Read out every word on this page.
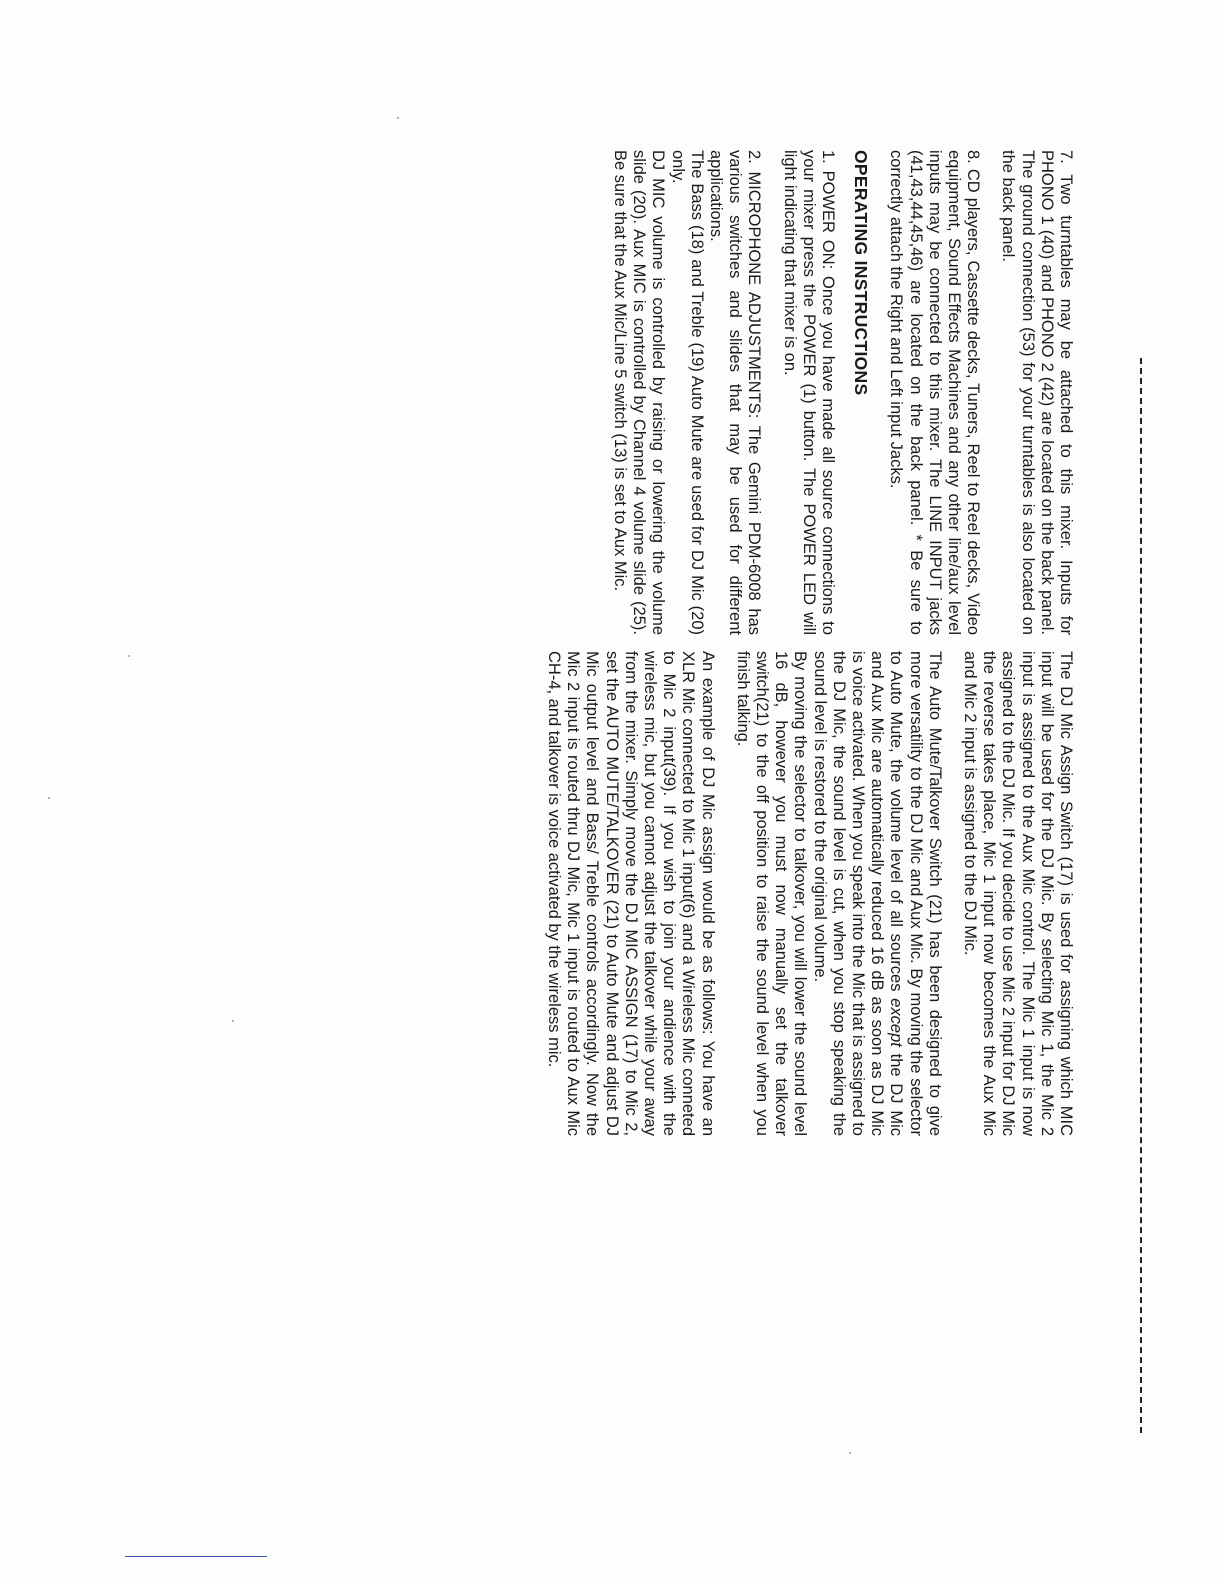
7. Two turntables may be attached to this mixer. Inputs for PHONO 1 (40) and PHONO 2 (42) are located on the back panel. The ground connection (53) for your turntables is also located on the back panel.

8. CD players, Cassette decks, Tuners, Reel to Reel decks, Video equipment, Sound Effects Machines and any other line/aux level inputs may be connected to this mixer. The LINE INPUT jacks (41,43,44,45,46) are located on the back panel. * Be sure to correctly attach the Right and Left input Jacks.

OPERATING INSTRUCTIONS

1. POWER ON: Once you have made all source connections to your mixer press the POWER (1) button. The POWER LED will light indicating that mixer is on.

2. MICROPHONE ADJUSTMENTS: The Gemini PDM-6008 has various switches and slides that may be used for different applications.

The Bass (18) and Treble (19) Auto Mute are used for DJ Mic (20) only.

DJ MIC volume is controlled by raising or lowering the volume slide (20). Aux MIC is controlled by Channel 4 volume slide (25). Be sure that the Aux Mic/Line 5 switch (13) is set to Aux Mic.

The DJ Mic Assign Switch (17) is used for assigning which MIC input will be used for the DJ Mic. By selecting Mic 1, the Mic 2 input is assigned to the Aux Mic control. The Mic 1 input is now assigned to the DJ Mic. If you decide to use Mic 2 input for DJ Mic the reverse takes place, Mic 1 input now becomes the Aux Mic and Mic 2 input is assigned to the DJ Mic.

The Auto Mute/Talkover Switch (21) has been designed to give more versatility to the DJ Mic and Aux Mic. By moving the selector to Auto Mute, the volume level of all sources except the DJ Mic and Aux Mic are automatically reduced 16 dB as soon as DJ Mic is voice activated. When you speak into the Mic that is assigned to the DJ Mic, the sound level is cut, when you stop speaking the sound level is restored to the original volume.

By moving the selector to talkover, you will lower the sound level 16 dB, however you must now manually set the talkover switch(21) to the off position to raise the sound level when you finish talking.

An example of DJ Mic assign would be as follows: You have an XLR Mic connected to Mic 1 input(6) and a Wireless Mic conneted to Mic 2 input(39). If you wish to join your andience with the wireless mic, but you cannot adjust the talkover while your away from the mixer. Simply move the DJ MIC ASSIGN (17) to Mic 2, set the AUTO MUTE/TALKOVER (21) to Auto Mute and adjust DJ Mic output level and Bass/ Treble controls accordingly. Now the Mic 2 input is routed thru DJ Mic, Mic 1 input is routed to Aux Mic CH-4, and talkover is voice activated by the wireless mic.
